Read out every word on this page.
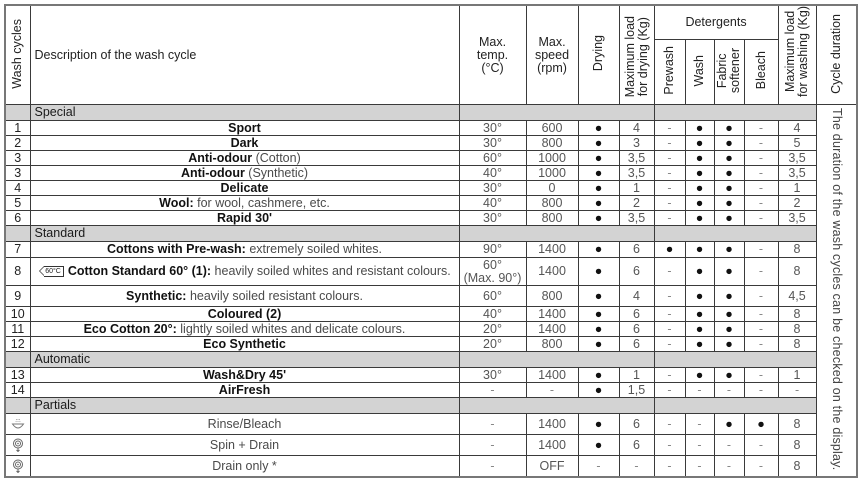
Wash cycles	Description of the wash cycle	Max.
temp.
(°C)	Max.
speed
(rpm)	Drying	Maximum load
for drying (Kg)	Detergents				Maximum load
for washing (Kg)	Cycle duration
						Prewash	Wash	Fabric
softener	Bleach		
	Special										The duration of the wash cycles can be checked on the display.
1	Sport	30°	600	●	4	-	●	●	-	4	
2	Dark	30°	800	●	3	-	●	●	-	5	
3	Anti-odour (Cotton)	60°	1000	●	3,5	-	●	●	-	3,5	
3	Anti-odour (Synthetic)	40°	1000	●	3,5	-	●	●	-	3,5	
4	Delicate	30°	0	●	1	-	●	●	-	1	
5	Wool: for wool, cashmere, etc.	40°	800	●	2	-	●	●	-	2	
6	Rapid 30'	30°	800	●	3,5	-	●	●	-	3,5	
	Standard										
7	Cottons with Pre-wash: extremely soiled whites.	90°	1400	●	6	●	●	●	-	8	
8	60°C Cotton Standard 60° (1): heavily soiled whites and resistant colours.	60°
(Max. 90°)	1400	●	6	-	●	●	-	8	
9	Synthetic: heavily soiled resistant colours.	60°	800	●	4	-	●	●	-	4,5	
10	Coloured (2)	40°	1400	●	6	-	●	●	-	8	
11	Eco Cotton 20°: lightly soiled whites and delicate colours.	20°	1400	●	6	-	●	●	-	8	
12	Eco Synthetic	20°	800	●	6	-	●	●	-	8	
	Automatic										
13	Wash&Dry 45'	30°	1400	●	1	-	●	●	-	1	
14	AirFresh	-	-	●	1,5	-	-	-	-	-	
	Partials										
	Rinse/Bleach	-	1400	●	6	-	-	●	●	8	
	Spin + Drain	-	1400	●	6	-	-	-	-	8	
	Drain only *	-	OFF	-	-	-	-	-	-	8	
